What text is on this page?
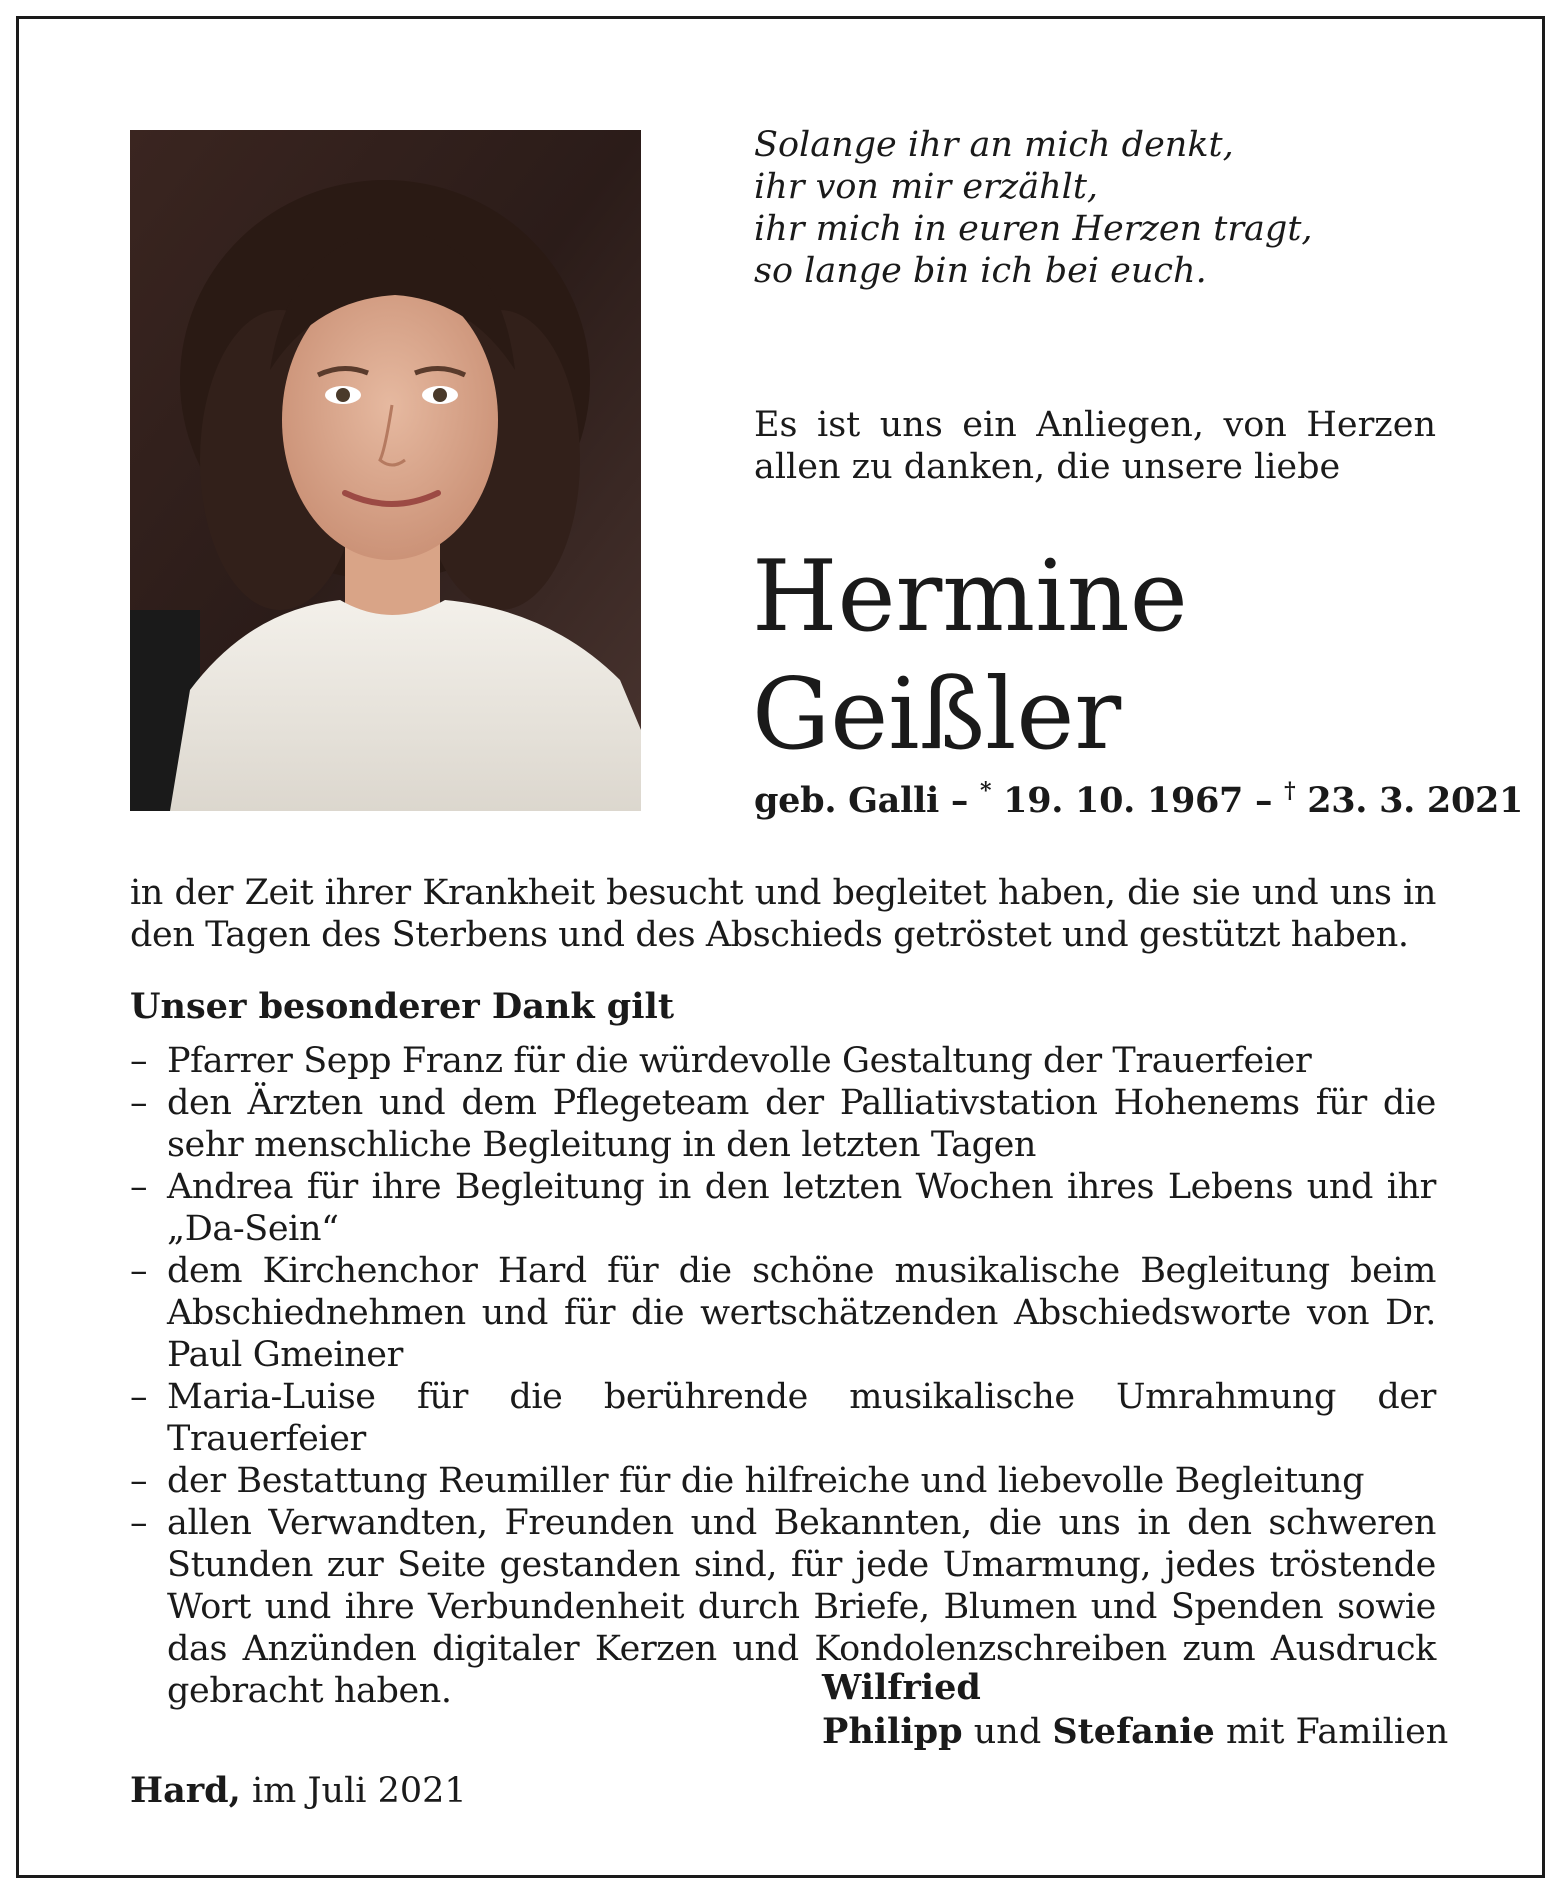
Solange ihr an mich denkt,
ihr von mir erzählt,
ihr mich in euren Herzen tragt,
so lange bin ich bei euch.
Es ist uns ein Anliegen, von Herzen allen zu danken, die unsere liebe
Hermine
Geißler
geb. Galli – * 19. 10. 1967 – † 23. 3. 2021
in der Zeit ihrer Krankheit besucht und begleitet haben, die sie und uns in den Tagen des Sterbens und des Abschieds getröstet und gestützt haben.
Unser besonderer Dank gilt
– Pfarrer Sepp Franz für die würdevolle Gestaltung der Trauerfeier
– den Ärzten und dem Pflegeteam der Palliativstation Hohenems für die sehr menschliche Begleitung in den letzten Tagen
– Andrea für ihre Begleitung in den letzten Wochen ihres Lebens und ihr „Da-Sein“
– dem Kirchenchor Hard für die schöne musikalische Begleitung beim Abschiednehmen und für die wertschätzenden Abschiedsworte von Dr. Paul Gmeiner
– Maria-Luise für die berührende musikalische Umrahmung der Trauerfeier
– der Bestattung Reumiller für die hilfreiche und liebevolle Begleitung
– allen Verwandten, Freunden und Bekannten, die uns in den schweren Stunden zur Seite gestanden sind, für jede Umarmung, jedes tröstende Wort und ihre Verbundenheit durch Briefe, Blumen und Spenden sowie das Anzünden digitaler Kerzen und Kondolenzschreiben zum Ausdruck gebracht haben.	Wilfried
Philipp und Stefanie mit Familien
Hard, im Juli 2021
